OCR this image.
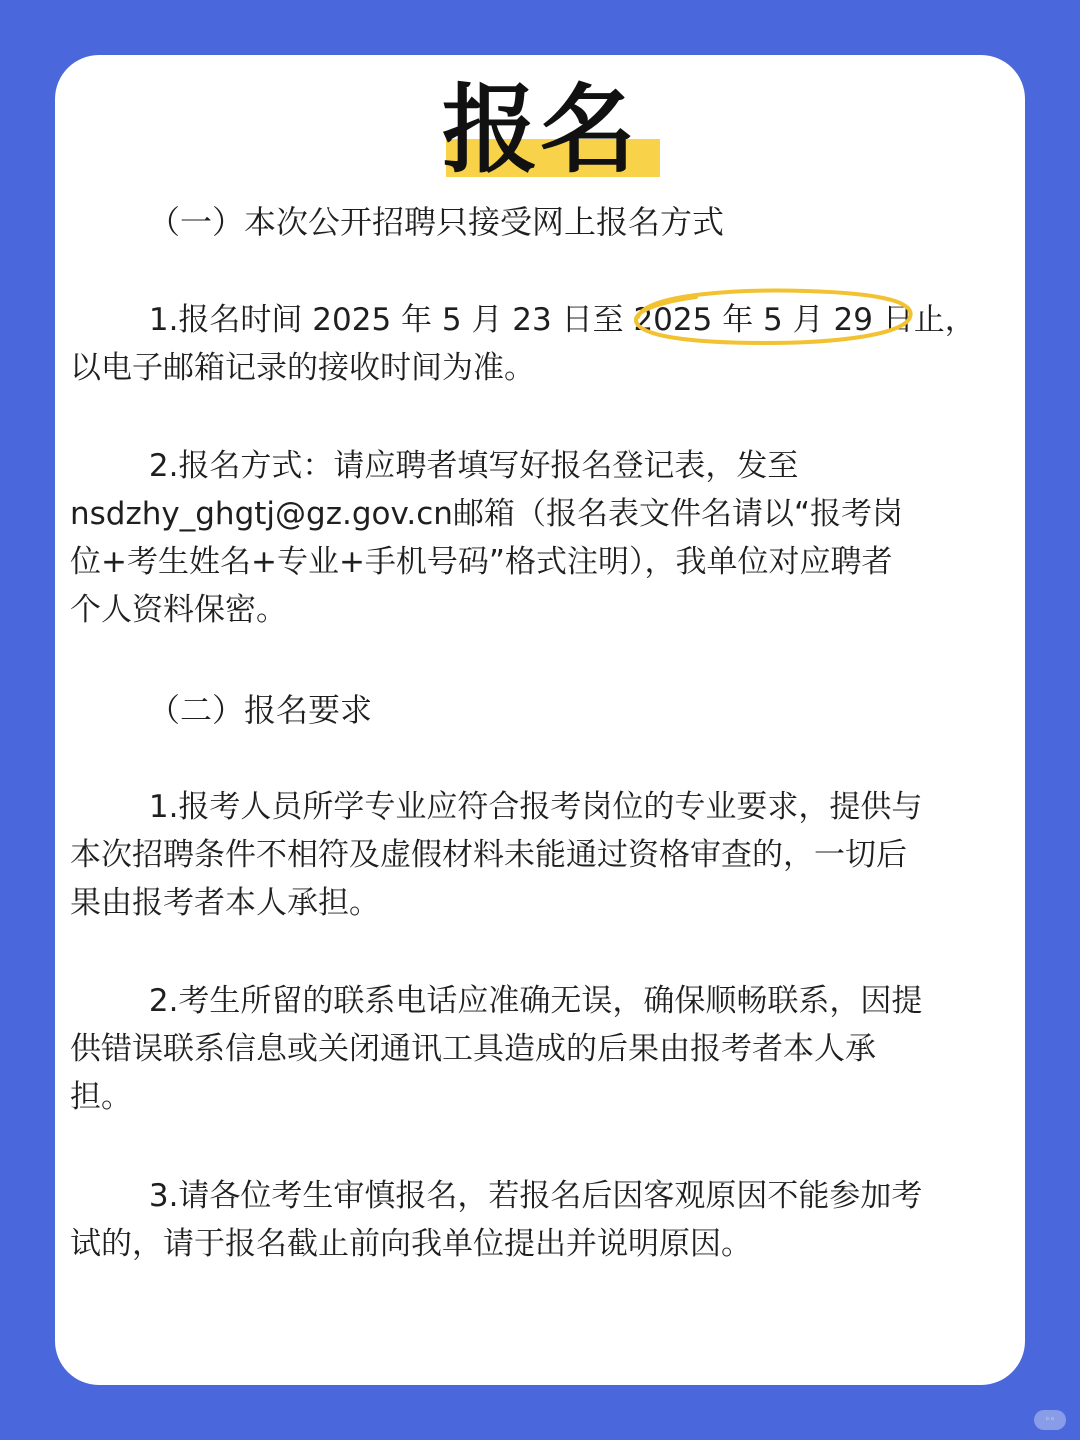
报名
（一）本次公开招聘只接受网上报名方式
1.报名时间 2025 年 5 月 23 日至 2025 年 5 月 29 日止，
以电子邮箱记录的接收时间为准。
2.报名方式：请应聘者填写好报名登记表，发至
nsdzhy_ghgtj@gz.gov.cn邮箱（报名表文件名请以“报考岗
位+考生姓名+专业+手机号码”格式注明），我单位对应聘者
个人资料保密。
（二）报名要求
1.报考人员所学专业应符合报考岗位的专业要求，提供与
本次招聘条件不相符及虚假材料未能通过资格审查的，一切后
果由报考者本人承担。
2.考生所留的联系电话应准确无误，确保顺畅联系，因提
供错误联系信息或关闭通讯工具造成的后果由报考者本人承
担。
3.请各位考生审慎报名，若报名后因客观原因不能参加考
试的，请于报名截止前向我单位提出并说明原因。
◦◦
